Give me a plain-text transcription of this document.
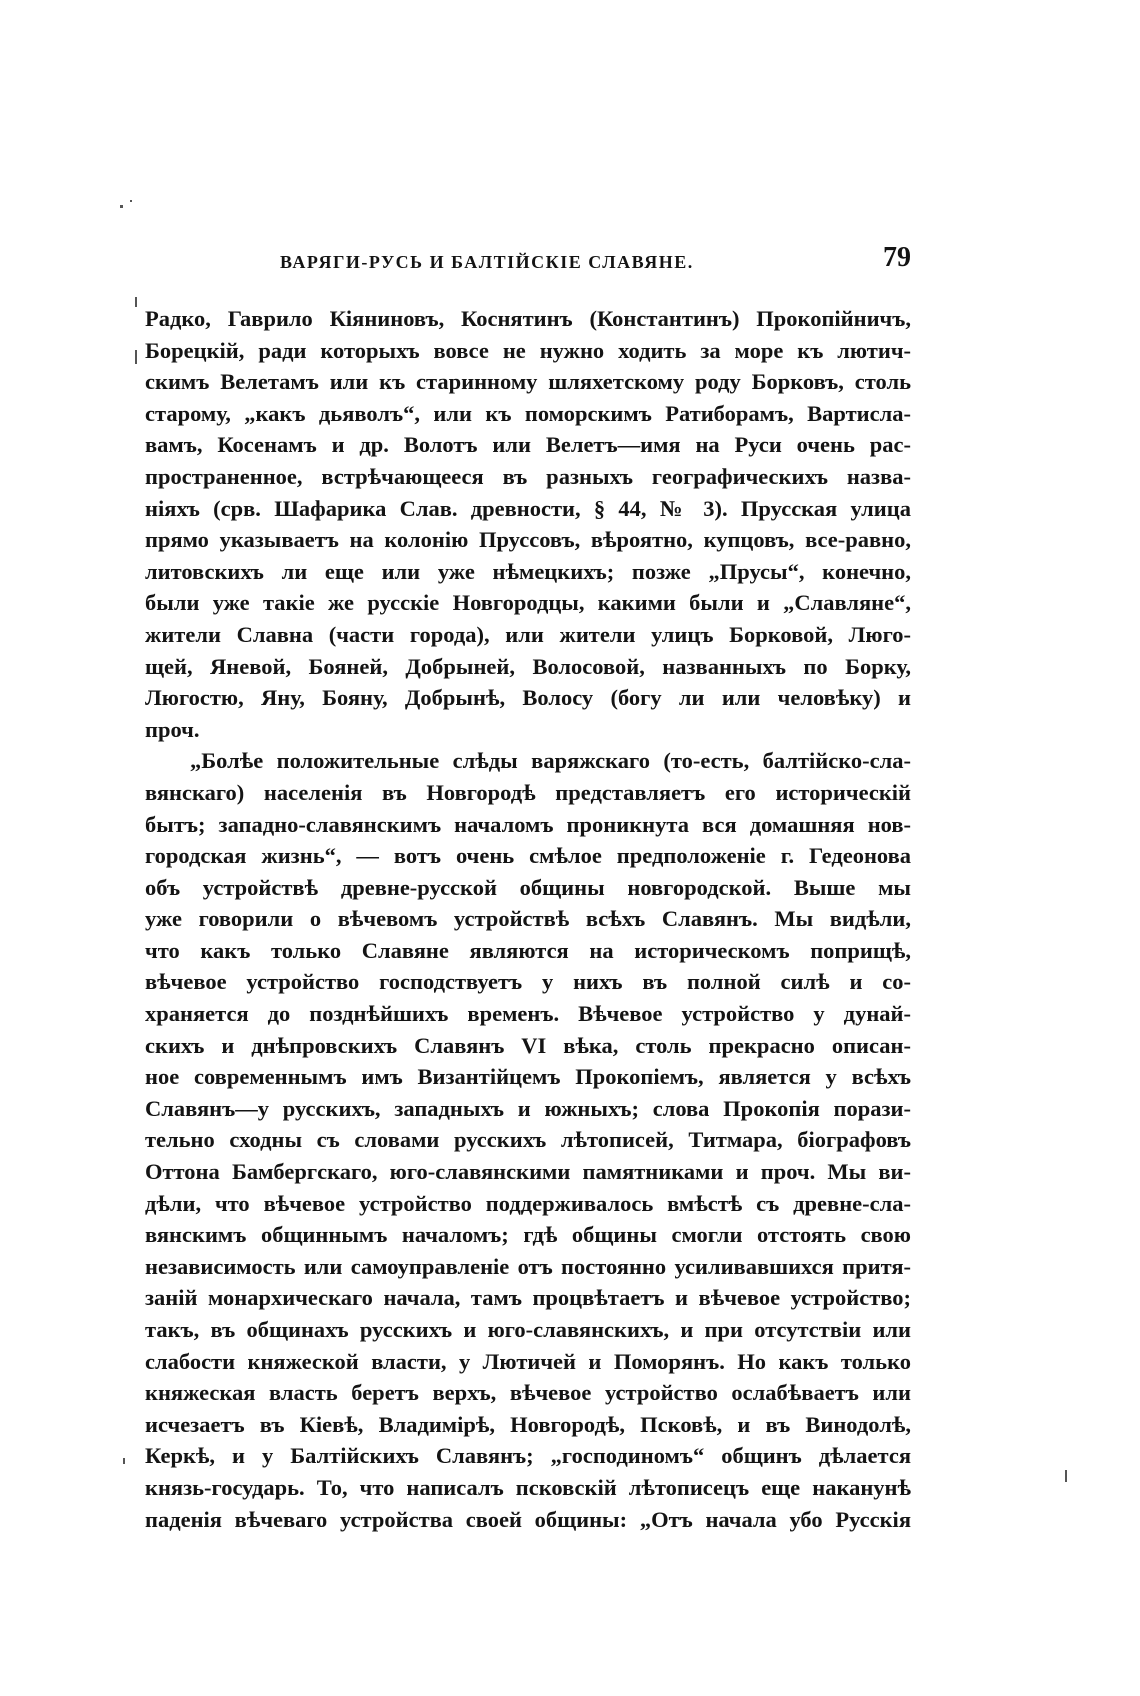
ВАРЯГИ-РУСЬ И БАЛТІЙСКІЕ СЛАВЯНЕ.	79
Радко, Гаврило Кіяниновъ, Коснятинъ (Константинъ) Прокопійничъ,
Борецкій, ради которыхъ вовсе не нужно ходить за море къ лютич-
скимъ Велетамъ или къ старинному шляхетскому роду Борковъ, столь
старому, „какъ дьяволъ“, или къ поморскимъ Ратиборамъ, Вартисла-
вамъ, Косенамъ и др. Волотъ или Велетъ—имя на Руси очень рас-
пространенное, встрѣчающееся въ разныхъ географическихъ назва-
ніяхъ (срв. Шафарика Слав. древности, § 44, № 3). Прусская улица
прямо указываетъ на колонію Пруссовъ, вѣроятно, купцовъ, все-равно,
литовскихъ ли еще или уже нѣмецкихъ; позже „Прусы“, конечно,
были уже такіе же русскіе Новгородцы, какими были и „Славляне“,
жители Славна (части города), или жители улицъ Борковой, Люго-
щей, Яневой, Бояней, Добрыней, Волосовой, названныхъ по Борку,
Люгостю, Яну, Бояну, Добрынѣ, Волосу (богу ли или человѣку) и
проч.
„Болѣе положительные слѣды варяжскаго (то-есть, балтійско-сла-
вянскаго) населенія въ Новгородѣ представляетъ его историческій
бытъ; западно-славянскимъ началомъ проникнута вся домашняя нов-
городская жизнь“, — вотъ очень смѣлое предположеніе г. Гедеонова
объ устройствѣ древне-русской общины новгородской. Выше мы
уже говорили о вѣчевомъ устройствѣ всѣхъ Славянъ. Мы видѣли,
что какъ только Славяне являются на историческомъ поприщѣ,
вѣчевое устройство господствуетъ у нихъ въ полной силѣ и со-
храняется до позднѣйшихъ временъ. Вѣчевое устройство у дунай-
скихъ и днѣпровскихъ Славянъ VI вѣка, столь прекрасно описан-
ное современнымъ имъ Византійцемъ Прокопіемъ, является у всѣхъ
Славянъ—у русскихъ, западныхъ и южныхъ; слова Прокопія порази-
тельно сходны съ словами русскихъ лѣтописей, Титмара, біографовъ
Оттона Бамбергскаго, юго-славянскими памятниками и проч. Мы ви-
дѣли, что вѣчевое устройство поддерживалось вмѣстѣ съ древне-сла-
вянскимъ общиннымъ началомъ; гдѣ общины смогли отстоять свою
независимость или самоуправленіе отъ постоянно усиливавшихся притя-
заній монархическаго начала, тамъ процвѣтаетъ и вѣчевое устройство;
такъ, въ общинахъ русскихъ и юго-славянскихъ, и при отсутствіи или
слабости княжеской власти, у Лютичей и Поморянъ. Но какъ только
княжеская власть беретъ верхъ, вѣчевое устройство ослабѣваетъ или
исчезаетъ въ Кіевѣ, Владимірѣ, Новгородѣ, Псковѣ, и въ Винодолѣ,
Керкѣ, и у Балтійскихъ Славянъ; „господиномъ“ общинъ дѣлается
князь-государь. То, что написалъ псковскій лѣтописецъ еще наканунѣ
паденія вѣчеваго устройства своей общины: „Отъ начала убо Русскія
